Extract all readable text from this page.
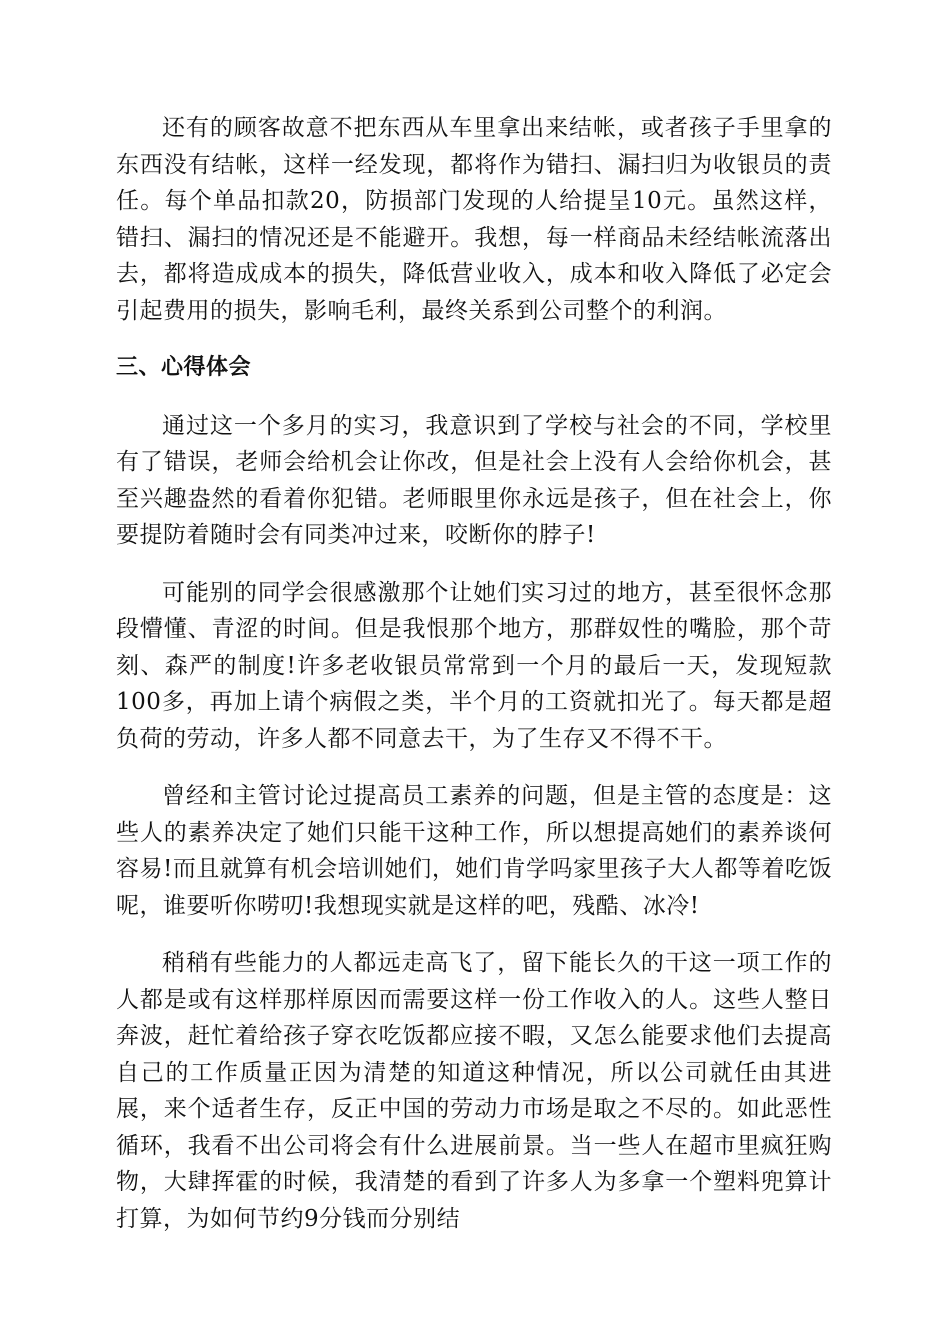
还有的顾客故意不把东西从车里拿出来结帐，或者孩子手里拿的东西没有结帐，这样一经发现，都将作为错扫、漏扫归为收银员的责任。每个单品扣款20，防损部门发现的人给提呈10元。虽然这样，错扫、漏扫的情况还是不能避开。我想，每一样商品未经结帐流落出去，都将造成成本的损失，降低营业收入，成本和收入降低了必定会引起费用的损失，影响毛利，最终关系到公司整个的利润。

三、心得体会

通过这一个多月的实习，我意识到了学校与社会的不同，学校里有了错误，老师会给机会让你改，但是社会上没有人会给你机会，甚至兴趣盎然的看着你犯错。老师眼里你永远是孩子，但在社会上，你要提防着随时会有同类冲过来，咬断你的脖子!

可能别的同学会很感激那个让她们实习过的地方，甚至很怀念那段懵懂、青涩的时间。但是我恨那个地方，那群奴性的嘴脸，那个苛刻、森严的制度!许多老收银员常常到一个月的最后一天，发现短款100多，再加上请个病假之类，半个月的工资就扣光了。每天都是超负荷的劳动，许多人都不同意去干，为了生存又不得不干。

曾经和主管讨论过提高员工素养的问题，但是主管的态度是：这些人的素养决定了她们只能干这种工作，所以想提高她们的素养谈何容易!而且就算有机会培训她们，她们肯学吗家里孩子大人都等着吃饭呢，谁要听你唠叨!我想现实就是这样的吧，残酷、冰冷!

稍稍有些能力的人都远走高飞了，留下能长久的干这一项工作的人都是或有这样那样原因而需要这样一份工作收入的人。这些人整日奔波，赶忙着给孩子穿衣吃饭都应接不暇，又怎么能要求他们去提高自己的工作质量正因为清楚的知道这种情况，所以公司就任由其进展，来个适者生存，反正中国的劳动力市场是取之不尽的。如此恶性循环，我看不出公司将会有什么进展前景。当一些人在超市里疯狂购物，大肆挥霍的时候，我清楚的看到了许多人为多拿一个塑料兜算计打算，为如何节约9分钱而分别结
